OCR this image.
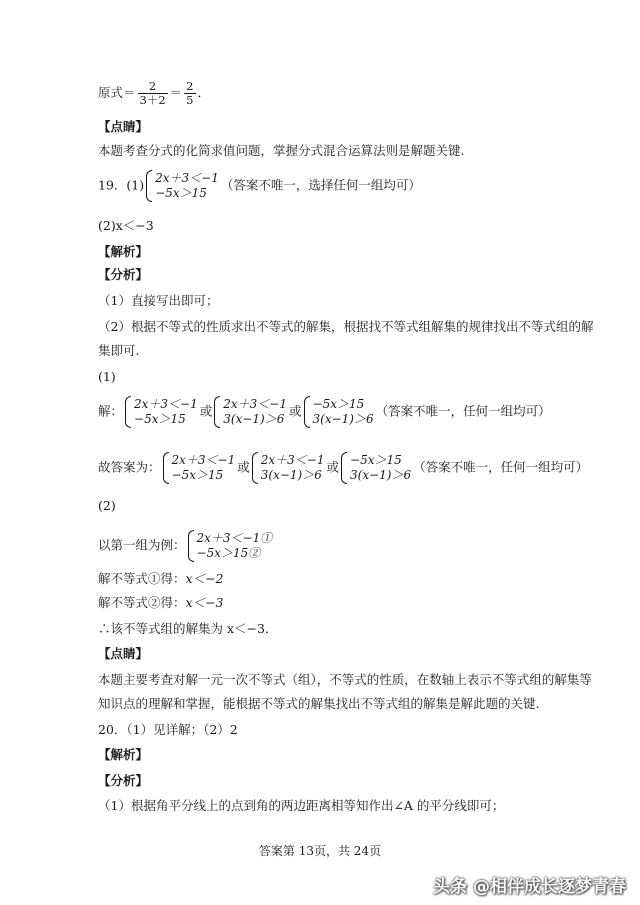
原式＝ $\frac{2}{3+2} = \frac{2}{5}$ ．
【点睛】
本题考查分式的化简求值问题，掌握分式混合运算法则是解题关键.
19．(1) 2x＋3＜−1
−5x＞15
（答案不唯一，选择任何一组均可）
(2)x＜−3
【解析】
【分析】
（1）直接写出即可；
（2）根据不等式的性质求出不等式的解集，根据找不等式组解集的规律找出不等式组的解
集即可.
(1)
解： 2x＋3＜−1
−5x＞15
或 2x＋3＜−1
3(x−1)＞6
或 −5x＞15
3(x−1)＞6
（答案不唯一，任何一组均可）
故答案为： 2x＋3＜−1
−5x＞15
或 2x＋3＜−1
3(x−1)＞6
或 −5x＞15
3(x−1)＞6
（答案不唯一，任何一组均可）
(2)
以第一组为例： 2x＋3＜−1①
−5x＞15②
解不等式①得：x＜−2
解不等式②得：x＜−3
∴该不等式组的解集为 x＜−3．
【点睛】
本题主要考查对解一元一次不等式（组），不等式的性质，在数轴上表示不等式组的解集等
知识点的理解和掌握，能根据不等式的解集找出不等式组的解集是解此题的关键.
20．（1）见详解；（2）2
【解析】
【分析】
（1）根据角平分线上的点到角的两边距离相等知作出∠A 的平分线即可；
答案第 13页，共 24页
头条 @相伴成长逐梦青春
